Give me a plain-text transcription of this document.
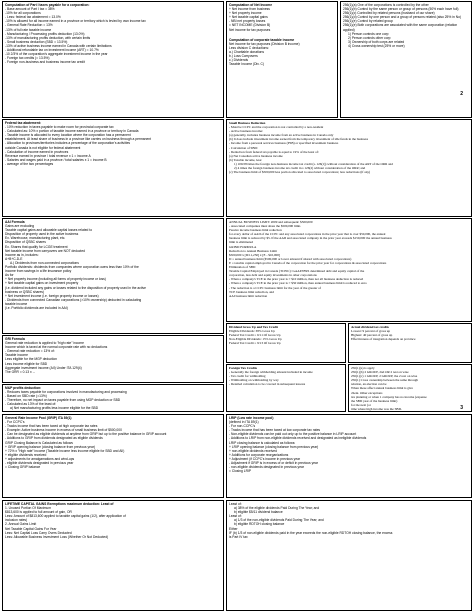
Computation of Part I taxes payable for a corporation:
- Base amount of Part I tax = 38%
-10% for all corporations
- Less: federal tax abatement = 13.0%
-10% is allowed for all income earned in a province or territory which is levied by own income tax
- General Rate Reduction = 13%
-13% of full rate taxable income
- Manufacturing / Processing profits deduction (13.0%)
-13% of manufacturing profits deduction, with certain limits
- Small business deduction (SBD = 13.5%)
-13% of active business income earned in Canada with certain limitations
- Additional refundable tax on investment income (ART) = 10.7%
-10 2/3% of the corporation's aggregate investment income in the year
- Foreign tax credits (= 13.5%)
- Foreign non-business and business income tax credit
Computation of Net Income
+ Net income from business
+ Net property income
+ Net taxable capital gains
- NBI net property losses
= NET INCOME (Division B)
Net income for tax purposes
Computation of corporate taxable income
Net income for tax purposes (Division B income)
Less division C deductions:
a.) Charitable donations
b.) Loss Carryovers
c.) Dividends
Taxable Income (Div. C)
256(1)(a) One of the corporations is controlled by the other
256(1)(b) Control by the same person or group of persons (50% each have full)
256(1)(c) Controlled by related persons (husband of our share)
256(1)(d) Control by one person and a group of persons related (also 25% in No)
256(1)(e) Control by related group
256(1)(e) Both corporations are associated with the same corporation (relation
applied)
1) Person controls one corp
2) Person controls other corp
3) Ownership of both corps are related
4) Cross ownership test (25% or more)
2
Federal tax abatement:
- 10% reduction in taxes payable to make room for provincial corporate tax
- Calculated as: 10% x portion of taxable income earned in a province or territory in Canada
- Taxable income is allocated to every location where the corporation has a permanent
establishment. At least share of business in a province like carries on business through a permanent
- Allocation to provinces/territories includes a percentage of the corporation's activities
outside Canada is not eligible for federal abatement
- Calculation of income earned in provinces
Revenue earned in province / total revenue x 1 = income A
- Salaries and wages paid in a province / total salaries x 1 = income B
- average of the two percentages
Small Business Deduction
- Must be CCPC and the corporation is not controlled by a non-resident
- Active business income:
(a) generally, includes business income from an active business in Canada only
(b) It does include investment income earned from the temporary investment of idle funds in the business
- Income from a personal services business (PSB) or specified investment business
- Calculation of SBD:
- Deduction from federal tax payable is equal to 19% of the least of:
(a) Net Canadian active business income
(b) Taxable income, less:
1) 100/28 times the foreign non-business income tax credit (s. 126(1)) without consideration of the ART of the ORR and
2) 4 times the foreign business income tax credit in s 126(2) without consideration of the ORR; and
(c) The business limit of $500,000 less portion allocated to associated corporations; less reductions (if any)
AAI Formula
Gains are excluding
Taxable capital gains and allowable capital losses related to
Disposition of property used in the active business
Ex. Warehouse, manufacturing plant, etc.
Disposition of QSBC shares
Ex. Shares that qualify for LCGE treatment
Net taxable income from carryovers are NOT deducted
Income as in, includes:
A+B+C-D-E
A.) Dividends from non-connected corporations
Portfolio dividends: dividends from companies where corporation owns less than 10% of the
Income from savings in a life insurance policy
As for
+ Net property income (including all forms of property income or loss)
+ Net taxable capital gains on investment property
(i.e. dividend included any gains or losses related to the disposition of property used in the active
business or QSBC shares)
+ Net investment income (i.e. foreign property income or losses)
- Dividends from connected Canadian corporations (>10% ownership) deducted in calculating
taxable income
(i.e. Portfolio dividends are included in AAI)
ANNUAL BUSINESS LIMIT: 2009 and subsequent: $500,000
- Associated companies must share the $500,000 limit.
Passive income business limit reduction
for every dollar of AAII of the CCPC and any associated corporations in the prior year that is over $50,000, the annual
business limit is reduced by $5. If the AAII and associated company in the prior year exceeds $150,000 the annual business
limit is eliminated
GRIND FORMULA
Reduction to Annual Business Limit
$500,000 x [D/11,250] x [E - $10,000]
D = annual business limit ($500,000 or lower amount if shared with associated corporations)
E = taxable capital employed in Canada of the corporation for the prior year for corporations & associated corporations
Elimination of SBD
Taxable Capital Employed in Canada (TCEIC): GAAP/IFRS determined debt and equity capital of the
corporation, less debt and equity investments in other corporations
- When a company's TCE in the prior year is > $10 million, then not all business deduction is reduced
- When a company's TCE in the prior year is > $50 million, then annual business limit is reduced to zero
- The reduction is a CCPC business limit for the year of the greater of
TCE business limit reduction, and
AAI business limit reduction
Dividend Gross Up and Tax Credit
Eligible Dividends: 38% Gross Up
Federal Tax Credit = 6/11 Of Gross Up
Non-Eligible Dividends: 15% Gross Up
Federal Tax Credit = 9/13 Of Gross Up
Actual dividend tax credits
Lowest: 9 percent of gross up
Highest: 40 percent of gross up
Effectiveness of integration depends on province
GRI Formula
General rate reduction is applied to "high rate" income
Income which is taxed at the normal corporate rate with no deductions
- General rate reduction = 13% of:
Taxable income
Less eligible for the MGP deduction
Less income eligible for SBD
Aggregate investment income (AII) Under ITA 129(4)
The GRR = 0.13 x ...
Foreign Tax Credits
- Generally the foreign withholding amount included in income
- Tax credit for withholding
- Withholding on withholding by way
- Detailed calculation to be covered in subsequent lessons
256(1)(a) is apply
256(1)(b) 2 GROUP, 2nd OR 2 test on wise
256(1)(c) 1 GROUP, 2 GROUP, the 2 rest on wise
256(1) Cross ownership between the same through
relation, an election can be
When these affect annual business limit is give
client. Other exceptions
tax planning or when 1 company has no income (expense
the SBD year of the business limit)
for the next (or
time where high income was the SBD.	3
M&P profits deduction:
- Reduces taxes payable for corporations involved in manufacturing and processing
- Based on SBD rate (=13%)
- Therefore, no net impact on taxes payable from using MGP deduction or SBD
- Calculated as 13% of the least of:
a) Net manufacturing profits less income eligible for the SBD
General Rate Income Pool (GRIP) ITA 89(1)
- For CCPC's
- Tracks income that has been taxed at high corporate tax rates
- Example: Active business income in excess of small business limit of $500,000
- Can be designated as eligible dividends at anytime from GRIP but up to the positive balance in GRIP account
- Additions to GRIP from dividends designated as eligible dividends
GRIP Closing Balance is Calculated as follows
+ GRIP opening balance (closing balance from previous year)
+ 72% x "High rate" income (Taxable income less income eligible for SBD and AII)
+ eligible dividends received
+ adjustments for amalgamations and wind-ups
- eligible dividends designated in previous year
= Closing GRIP balance
LRIP (Low rate income pool)
(defined in ITA 89(1)
- For non-CCPC's
- Tracks income that has been taxed at low corporate tax rates
- Non-eligible dividends can be paid out only up to the positive balance in LRIP account
- Additions to LRIP from non-eligible dividends received and designated as ineligible dividends
LRIP closing balance is calculated as follows:
+ LRIP opening balance (closing balance from previous year)
+ non-eligible dividends received
+ Additions for corporate reorganizations
+ Adjustment (if CCPC's income in previous year
- Adjustment if GRIP is in excess of or deficit in previous year
- non-eligible dividends designated in previous year
= Closing LRIP
LIFETIME CAPITAL GAINS Exemptions maximum deduction: Least of
1. Unused Portion Of Maximum
$813,600 is applied to full amount of gain, OR
Less: Amount of $813,600 applied to taxable capital gains (1/2), after application of
inclusion rates)
2. Annual Gains Limit
Net Taxable Capital Gains For Year
Less: Net Capital Loss Carry Overs Deducted
Less: Allowable Business Investment Loss (Whether Or Not Deducted)
Least of:
a) 38% of the eligible dividends Paid During The Year; and
b) eligible $5/11 dividend balance
Least of:
a) 1/3 of the non-eligible dividends Paid During The Year; and
b) eligible RDTOH closing balance
Either
IF (b) 1/3 of non-eligible dividends paid in the year exceeds the non-eligible RDTOH closing balance, the excess
is Part IV tax
